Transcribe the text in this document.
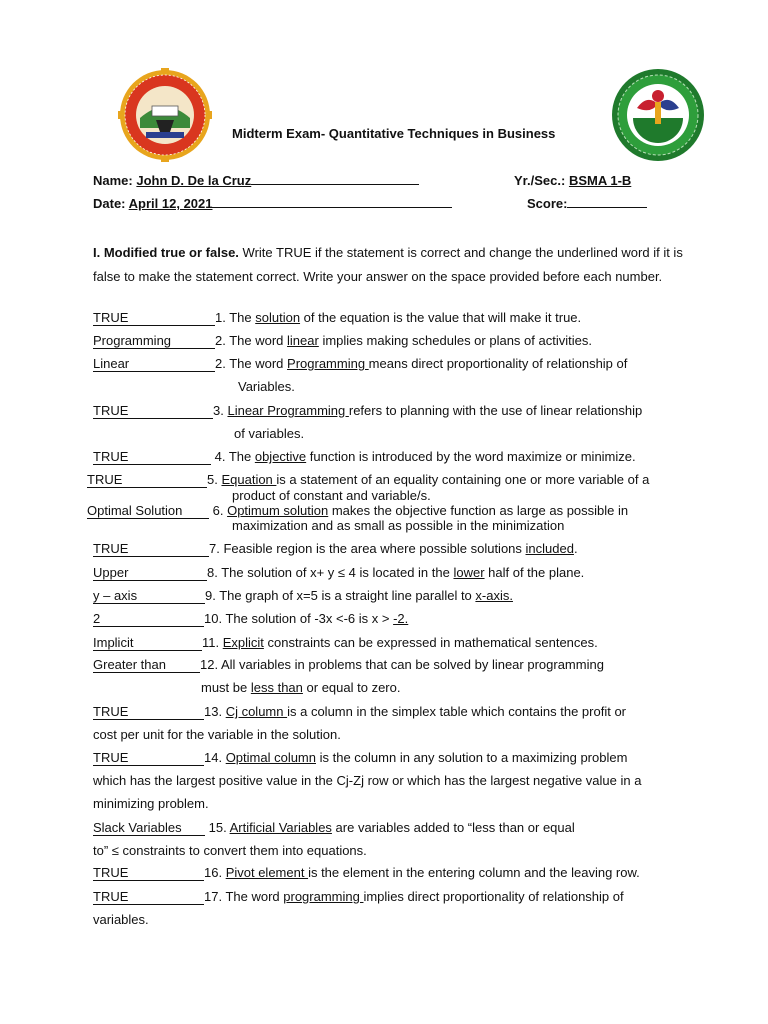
Midterm Exam- Quantitative Techniques in Business
Name: John D. De la Cruz	Yr./Sec.: BSMA 1-B
Date: April 12, 2021	Score:
I. Modified true or false. Write TRUE if the statement is correct and change the underlined word if it is false to make the statement correct. Write your answer on the space provided before each number.
TRUE	1. The solution of the equation is the value that will make it true.
Programming	2. The word linear implies making schedules or plans of activities.
Linear	2. The word Programming means direct proportionality of relationship of
Variables.
TRUE	3. Linear Programming refers to planning with the use of linear relationship
of variables.
TRUE	4. The objective function is introduced by the word maximize or minimize.
TRUE	5. Equation is a statement of an equality containing one or more variable of a
product of constant and variable/s.
Optimal Solution 6. Optimum solution makes the objective function as large as possible in
maximization and as small as possible in the minimization
TRUE	7. Feasible region is the area where possible solutions included.
Upper	8. The solution of x+ y ≤ 4 is located in the lower half of the plane.
y – axis	9. The graph of x=5 is a straight line parallel to x-axis.
2	10. The solution of -3x <-6 is x > -2.
Implicit	11. Explicit constraints can be expressed in mathematical sentences.
Greater than	12. All variables in problems that can be solved by linear programming
must be less than or equal to zero.
TRUE	13. Cj column is a column in the simplex table which contains the profit or
cost per unit for the variable in the solution.
TRUE	14. Optimal column is the column in any solution to a maximizing problem
which has the largest positive value in the Cj-Zj row or which has the largest negative value in a
minimizing problem.
Slack Variables 15. Artificial Variables are variables added to “less than or equal
to” ≤ constraints to convert them into equations.
TRUE	16. Pivot element is the element in the entering column and the leaving row.
TRUE	17. The word programming implies direct proportionality of relationship of
variables.
